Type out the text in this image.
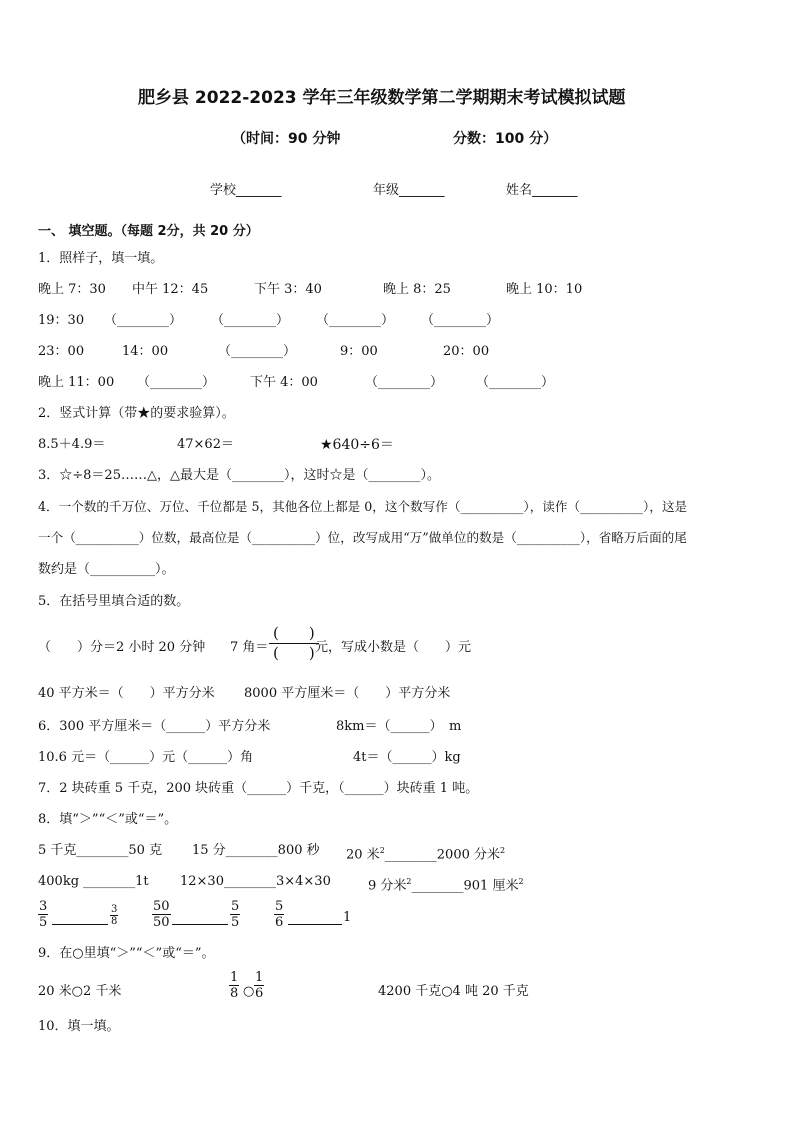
肥乡县 2022-2023 学年三年级数学第二学期期末考试模拟试题
（时间：90 分钟	分数：100 分）
学校_______	年级_______	姓名_______
一、 填空题。（每题 2分，共 20 分）
1．照样子，填一填。
晚上 7：30 中午 12：45	下午 3：40	晚上 8：25	晚上 10：10
19：30 （________） （________） （________） （________）
23：00	14：00	（________）	9：00	20：00
晚上 11：00 （________）	下午 4：00	（________）	（________）
2．竖式计算（带★的要求验算）。
8.5＋4.9＝	47×62＝	★640÷6＝
3．☆÷8＝25……△，△最大是（________），这时☆是（________）。
4．一个数的千万位、万位、千位都是 5，其他各位上都是 0，这个数写作（__________），读作（__________），这是
一个（__________）位数，最高位是（__________）位，改写成用“万”做单位的数是（__________），省略万后面的尾
数约是（__________）。
5．在括号里填合适的数。
（　　）分＝2 小时 20 分钟 7 角＝
(　　)
(　　) 元，写成小数是（　　）元
40 平方米＝（　　）平方分米 8000 平方厘米＝（　　）平方分米
6．300 平方厘米＝（______）平方分米	8km＝（______）　m
10.6 元＝（______）元（______）角	4t＝（______）kg
7．2 块砖重 5 千克，200 块砖重（______）千克，（______）块砖重 1 吨。
8．填“＞”“＜”或“＝”。
5 千克________50 克 15 分________800 秒 20 米$^2$________2000 分米$^2$
400kg ________1t 12×30________3×4×30	9 分米$^2$________901 厘米$^2$
$\frac{3}{5}$	$\frac{3}{8}$	$\frac{50}{50}$	$\frac{5}{5}$	$\frac{5}{6}$	1
9．在○里填“＞”“＜”或“＝”。
20 米○2 千米	$\frac{1}{8}$ ○ $\frac{1}{6}$	4200 千克○4 吨 20 千克
10．填一填。
